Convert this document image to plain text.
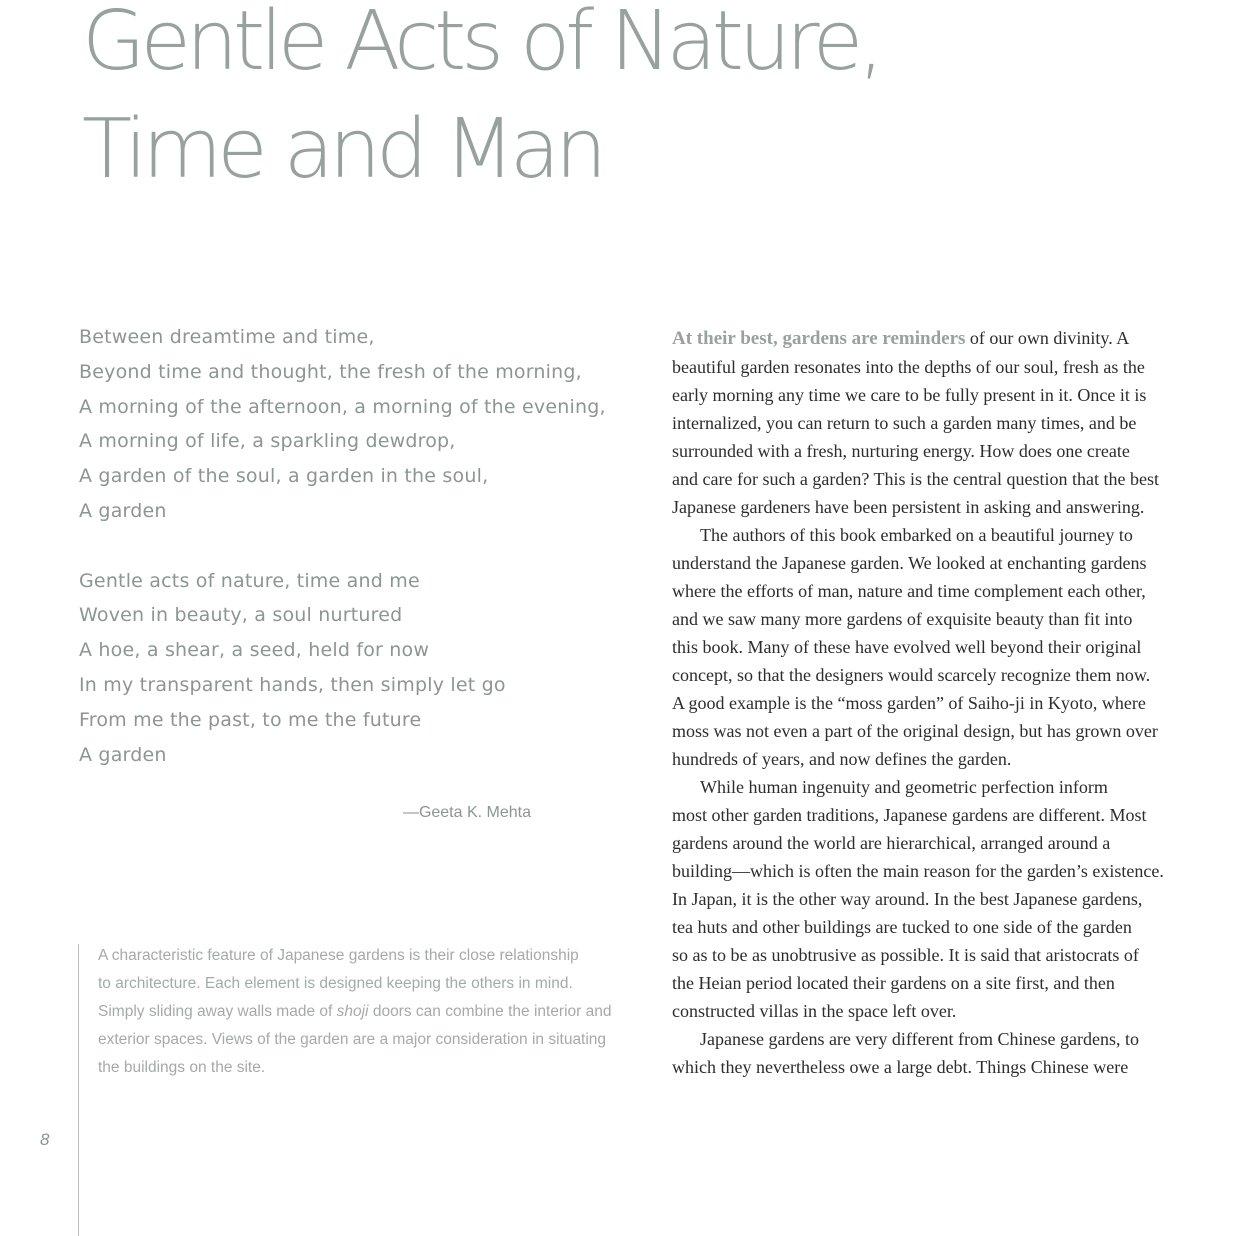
Gentle Acts of Nature,
Time and Man

Between dreamtime and time,
Beyond time and thought, the fresh of the morning,
A morning of the afternoon, a morning of the evening,
A morning of life, a sparkling dewdrop,
A garden of the soul, a garden in the soul,
A garden

Gentle acts of nature, time and me
Woven in beauty, a soul nurtured
A hoe, a shear, a seed, held for now
In my transparent hands, then simply let go
From me the past, to me the future
A garden

—Geeta K. Mehta
A characteristic feature of Japanese gardens is their close relationship
to architecture. Each element is designed keeping the others in mind.
Simply sliding away walls made of shoji doors can combine the interior and
exterior spaces. Views of the garden are a major consideration in situating
the buildings on the site.
8
At their best, gardens are reminders of our own divinity. A
beautiful garden resonates into the depths of our soul, fresh as the
early morning any time we care to be fully present in it. Once it is
internalized, you can return to such a garden many times, and be
surrounded with a fresh, nurturing energy. How does one create
and care for such a garden? This is the central question that the best
Japanese gardeners have been persistent in asking and answering.
The authors of this book embarked on a beautiful journey to
understand the Japanese garden. We looked at enchanting gardens
where the efforts of man, nature and time complement each other,
and we saw many more gardens of exquisite beauty than fit into
this book. Many of these have evolved well beyond their original
concept, so that the designers would scarcely recognize them now.
A good example is the “moss garden” of Saiho-ji in Kyoto, where
moss was not even a part of the original design, but has grown over
hundreds of years, and now defines the garden.
While human ingenuity and geometric perfection inform
most other garden traditions, Japanese gardens are different. Most
gardens around the world are hierarchical, arranged around a
building—which is often the main reason for the garden’s existence.
In Japan, it is the other way around. In the best Japanese gardens,
tea huts and other buildings are tucked to one side of the garden
so as to be as unobtrusive as possible. It is said that aristocrats of
the Heian period located their gardens on a site first, and then
constructed villas in the space left over.
Japanese gardens are very different from Chinese gardens, to
which they nevertheless owe a large debt. Things Chinese were
